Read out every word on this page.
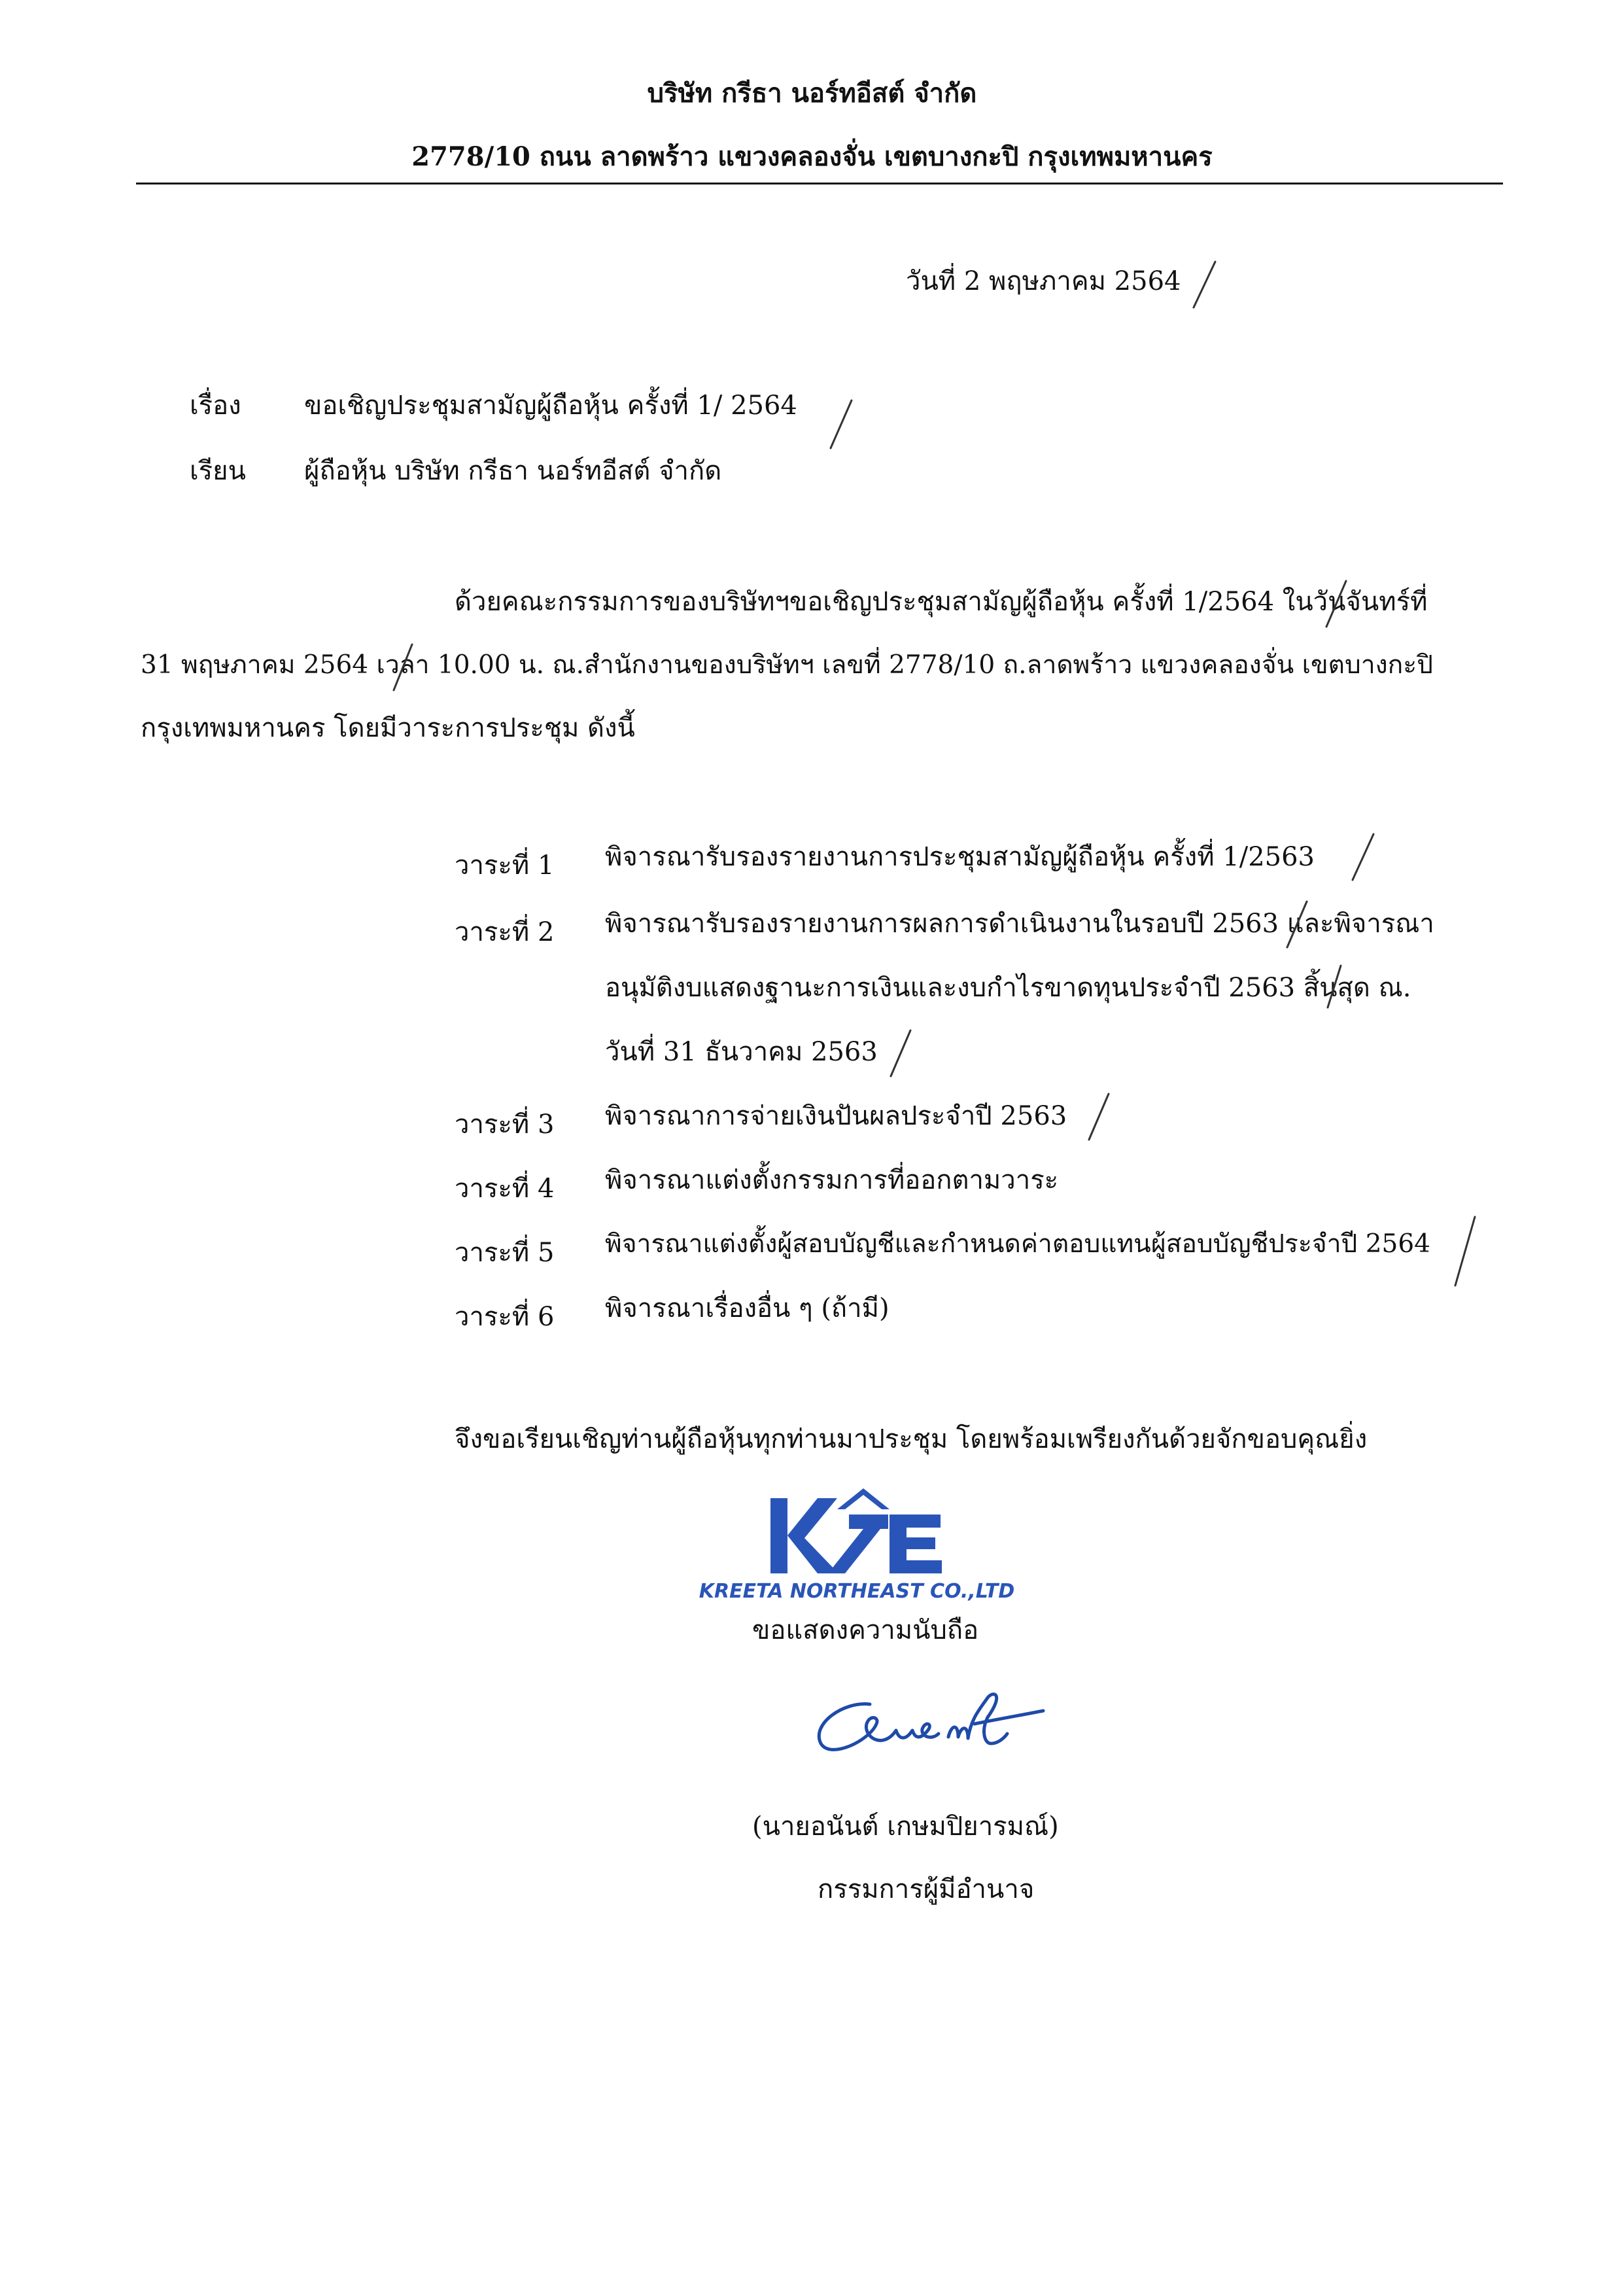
บริษัท กรีธา นอร์ทอีสต์ จำกัด
2778/10 ถนน ลาดพร้าว แขวงคลองจั่น เขตบางกะปิ กรุงเทพมหานคร
วันที่ 2 พฤษภาคม 2564
เรื่อง ขอเชิญประชุมสามัญผู้ถือหุ้น ครั้งที่ 1/ 2564
เรียน ผู้ถือหุ้น บริษัท กรีธา นอร์ทอีสต์ จำกัด
ด้วยคณะกรรมการของบริษัทฯขอเชิญประชุมสามัญผู้ถือหุ้น ครั้งที่ 1/2564 ในวันจันทร์ที่
31 พฤษภาคม 2564 เวลา 10.00 น. ณ.สำนักงานของบริษัทฯ เลขที่ 2778/10 ถ.ลาดพร้าว แขวงคลองจั่น เขตบางกะปิ
กรุงเทพมหานคร โดยมีวาระการประชุม ดังนี้
วาระที่ 1 พิจารณารับรองรายงานการประชุมสามัญผู้ถือหุ้น ครั้งที่ 1/2563
วาระที่ 2 พิจารณารับรองรายงานการผลการดำเนินงานในรอบปี 2563 และพิจารณา
อนุมัติงบแสดงฐานะการเงินและงบกำไรขาดทุนประจำปี 2563 สิ้นสุด ณ.
วันที่ 31 ธันวาคม 2563
วาระที่ 3 พิจารณาการจ่ายเงินปันผลประจำปี 2563
วาระที่ 4 พิจารณาแต่งตั้งกรรมการที่ออกตามวาระ
วาระที่ 5 พิจารณาแต่งตั้งผู้สอบบัญชีและกำหนดค่าตอบแทนผู้สอบบัญชีประจำปี 2564
วาระที่ 6 พิจารณาเรื่องอื่น ๆ (ถ้ามี)
จึงขอเรียนเชิญท่านผู้ถือหุ้นทุกท่านมาประชุม โดยพร้อมเพรียงกันด้วยจักขอบคุณยิ่ง
KREETA NORTHEAST CO.,LTD
ขอแสดงความนับถือ
(นายอนันต์ เกษมปิยารมณ์)
กรรมการผู้มีอำนาจ
